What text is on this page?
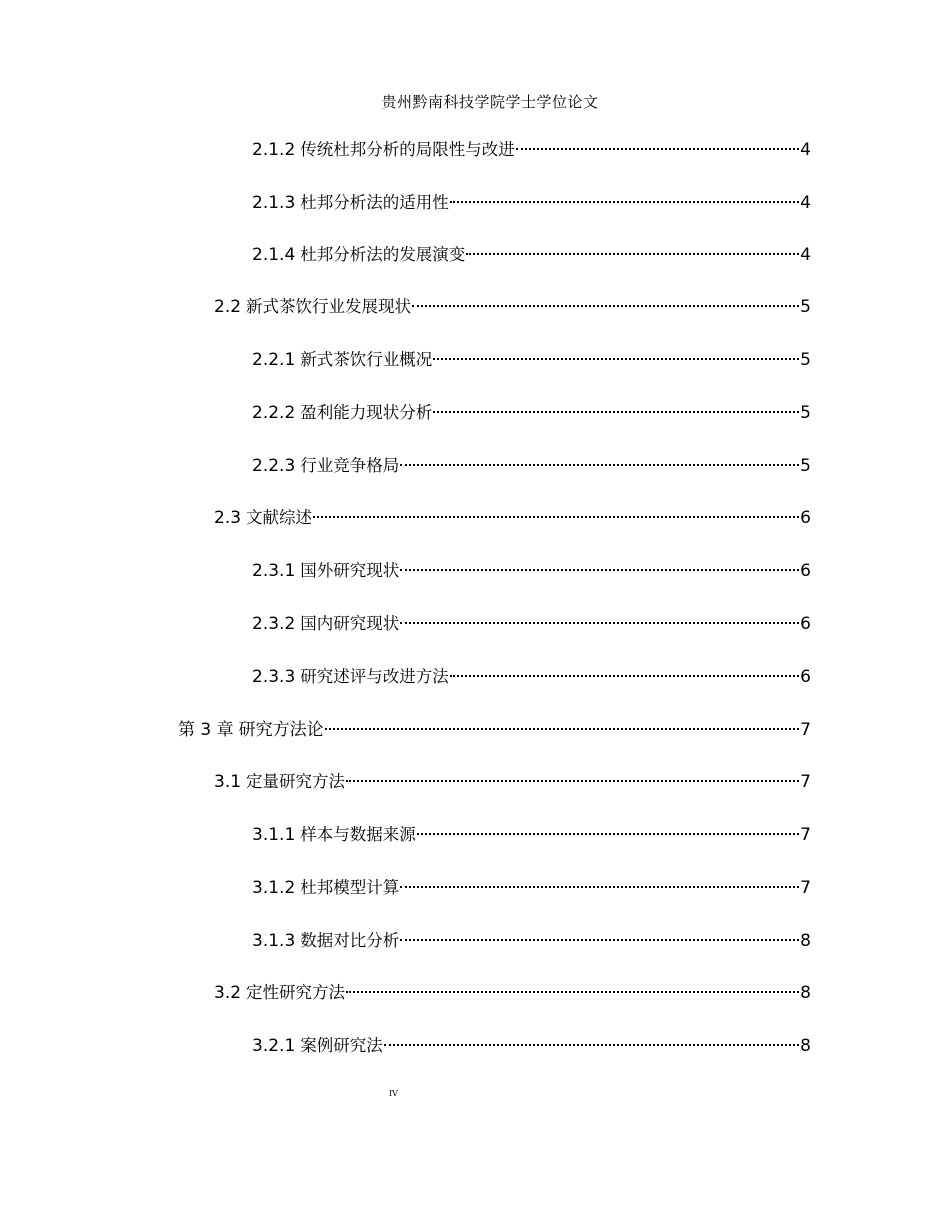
贵州黔南科技学院学士学位论文
2.1.2 传统杜邦分析的局限性与改进	4
2.1.3 杜邦分析法的适用性	4
2.1.4 杜邦分析法的发展演变	4
2.2 新式茶饮行业发展现状	5
2.2.1 新式茶饮行业概况	5
2.2.2 盈利能力现状分析	5
2.2.3 行业竞争格局	5
2.3 文献综述	6
2.3.1 国外研究现状	6
2.3.2 国内研究现状	6
2.3.3 研究述评与改进方法	6
第 3 章 研究方法论	7
3.1 定量研究方法	7
3.1.1 样本与数据来源	7
3.1.2 杜邦模型计算	7
3.1.3 数据对比分析	8
3.2 定性研究方法	8
3.2.1 案例研究法	8
IV
